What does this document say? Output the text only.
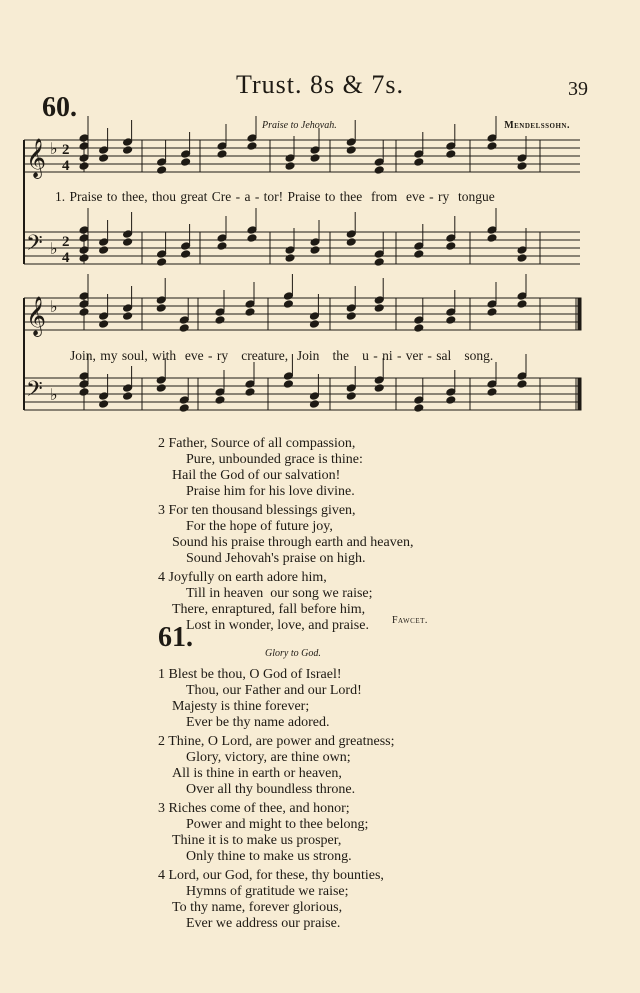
Trust. 8s & 7s.	39
60.
Praise to Jehovah.	Mendelssohn.
𝄞 ♭ 2
4
𝄢 ♭ 2
4
𝄞 ♭
𝄢 ♭
1. Praise to thee, thou great Cre - a - tor! Praise to thee  from  eve - ry  tongue
Join, my soul, with  eve - ry   creature,  Join   the   u - ni - ver - sal   song.
2 Father, Source of all compassion,
Pure, unbounded grace is thine:
Hail the God of our salvation!
Praise him for his love divine.
3 For ten thousand blessings given,
For the hope of future joy,
Sound his praise through earth and heaven,
Sound Jehovah's praise on high.
4 Joyfully on earth adore him,
Till in heaven  our song we raise;
There, enraptured, fall before him,
Lost in wonder, love, and praise.	Fawcet.
61.
Glory to God.
1 Blest be thou, O God of Israel!
Thou, our Father and our Lord!
Majesty is thine forever;
Ever be thy name adored.
2 Thine, O Lord, are power and greatness;
Glory, victory, are thine own;
All is thine in earth or heaven,
Over all thy boundless throne.
3 Riches come of thee, and honor;
Power and might to thee belong;
Thine it is to make us prosper,
Only thine to make us strong.
4 Lord, our God, for these, thy bounties,
Hymns of gratitude we raise;
To thy name, forever glorious,
Ever we address our praise.
